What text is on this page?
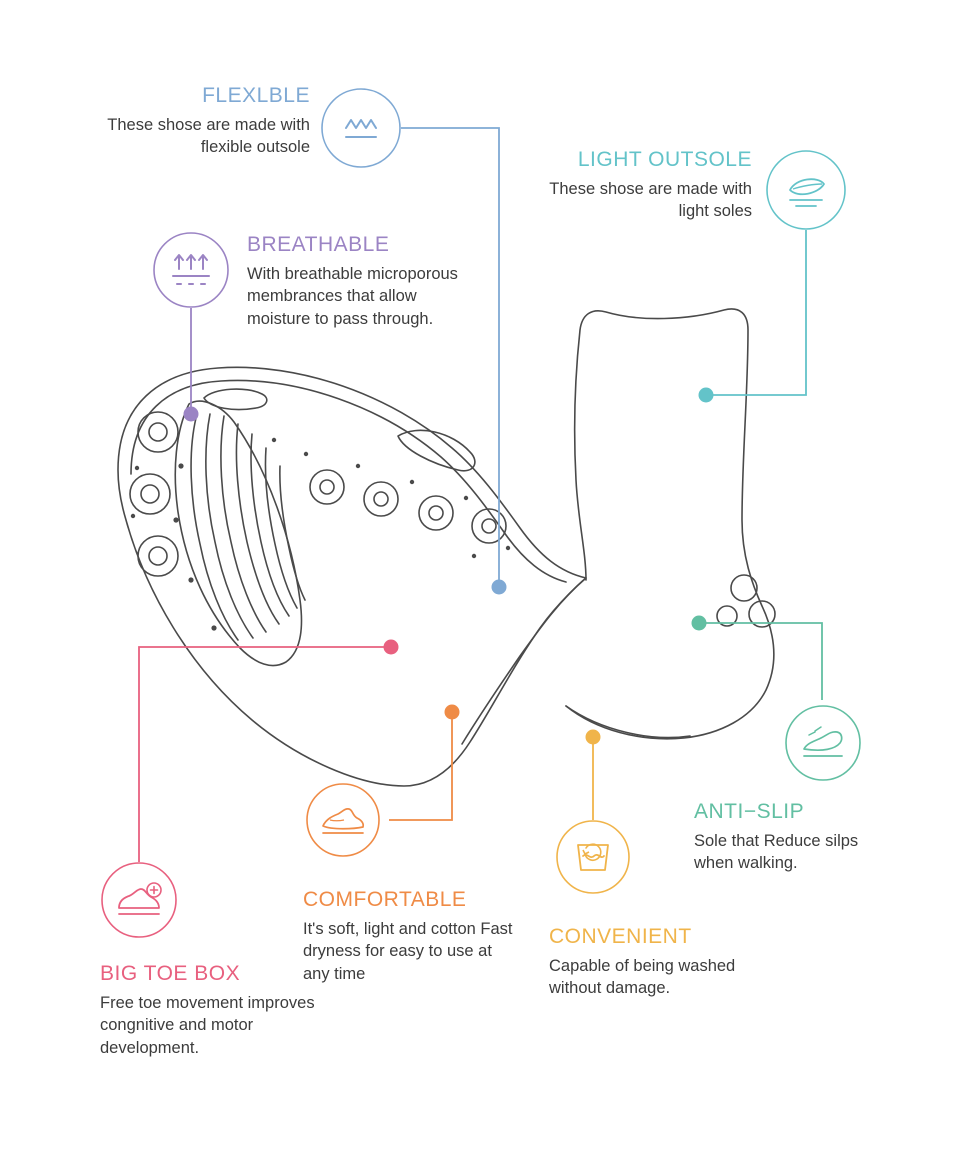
FLEXLBLE

These shose are made with flexible outsole

LIGHT OUTSOLE

These shose are made with light soles

BREATHABLE

With breathable microporous membrances that allow moisture to pass through.

BIG TOE BOX

Free toe movement improves congnitive and motor development.

COMFORTABLE

It's soft, light and cotton Fast dryness for easy to use at any time

CONVENIENT

Capable of being washed without damage.

ANTI−SLIP

Sole that Reduce silps when walking.
